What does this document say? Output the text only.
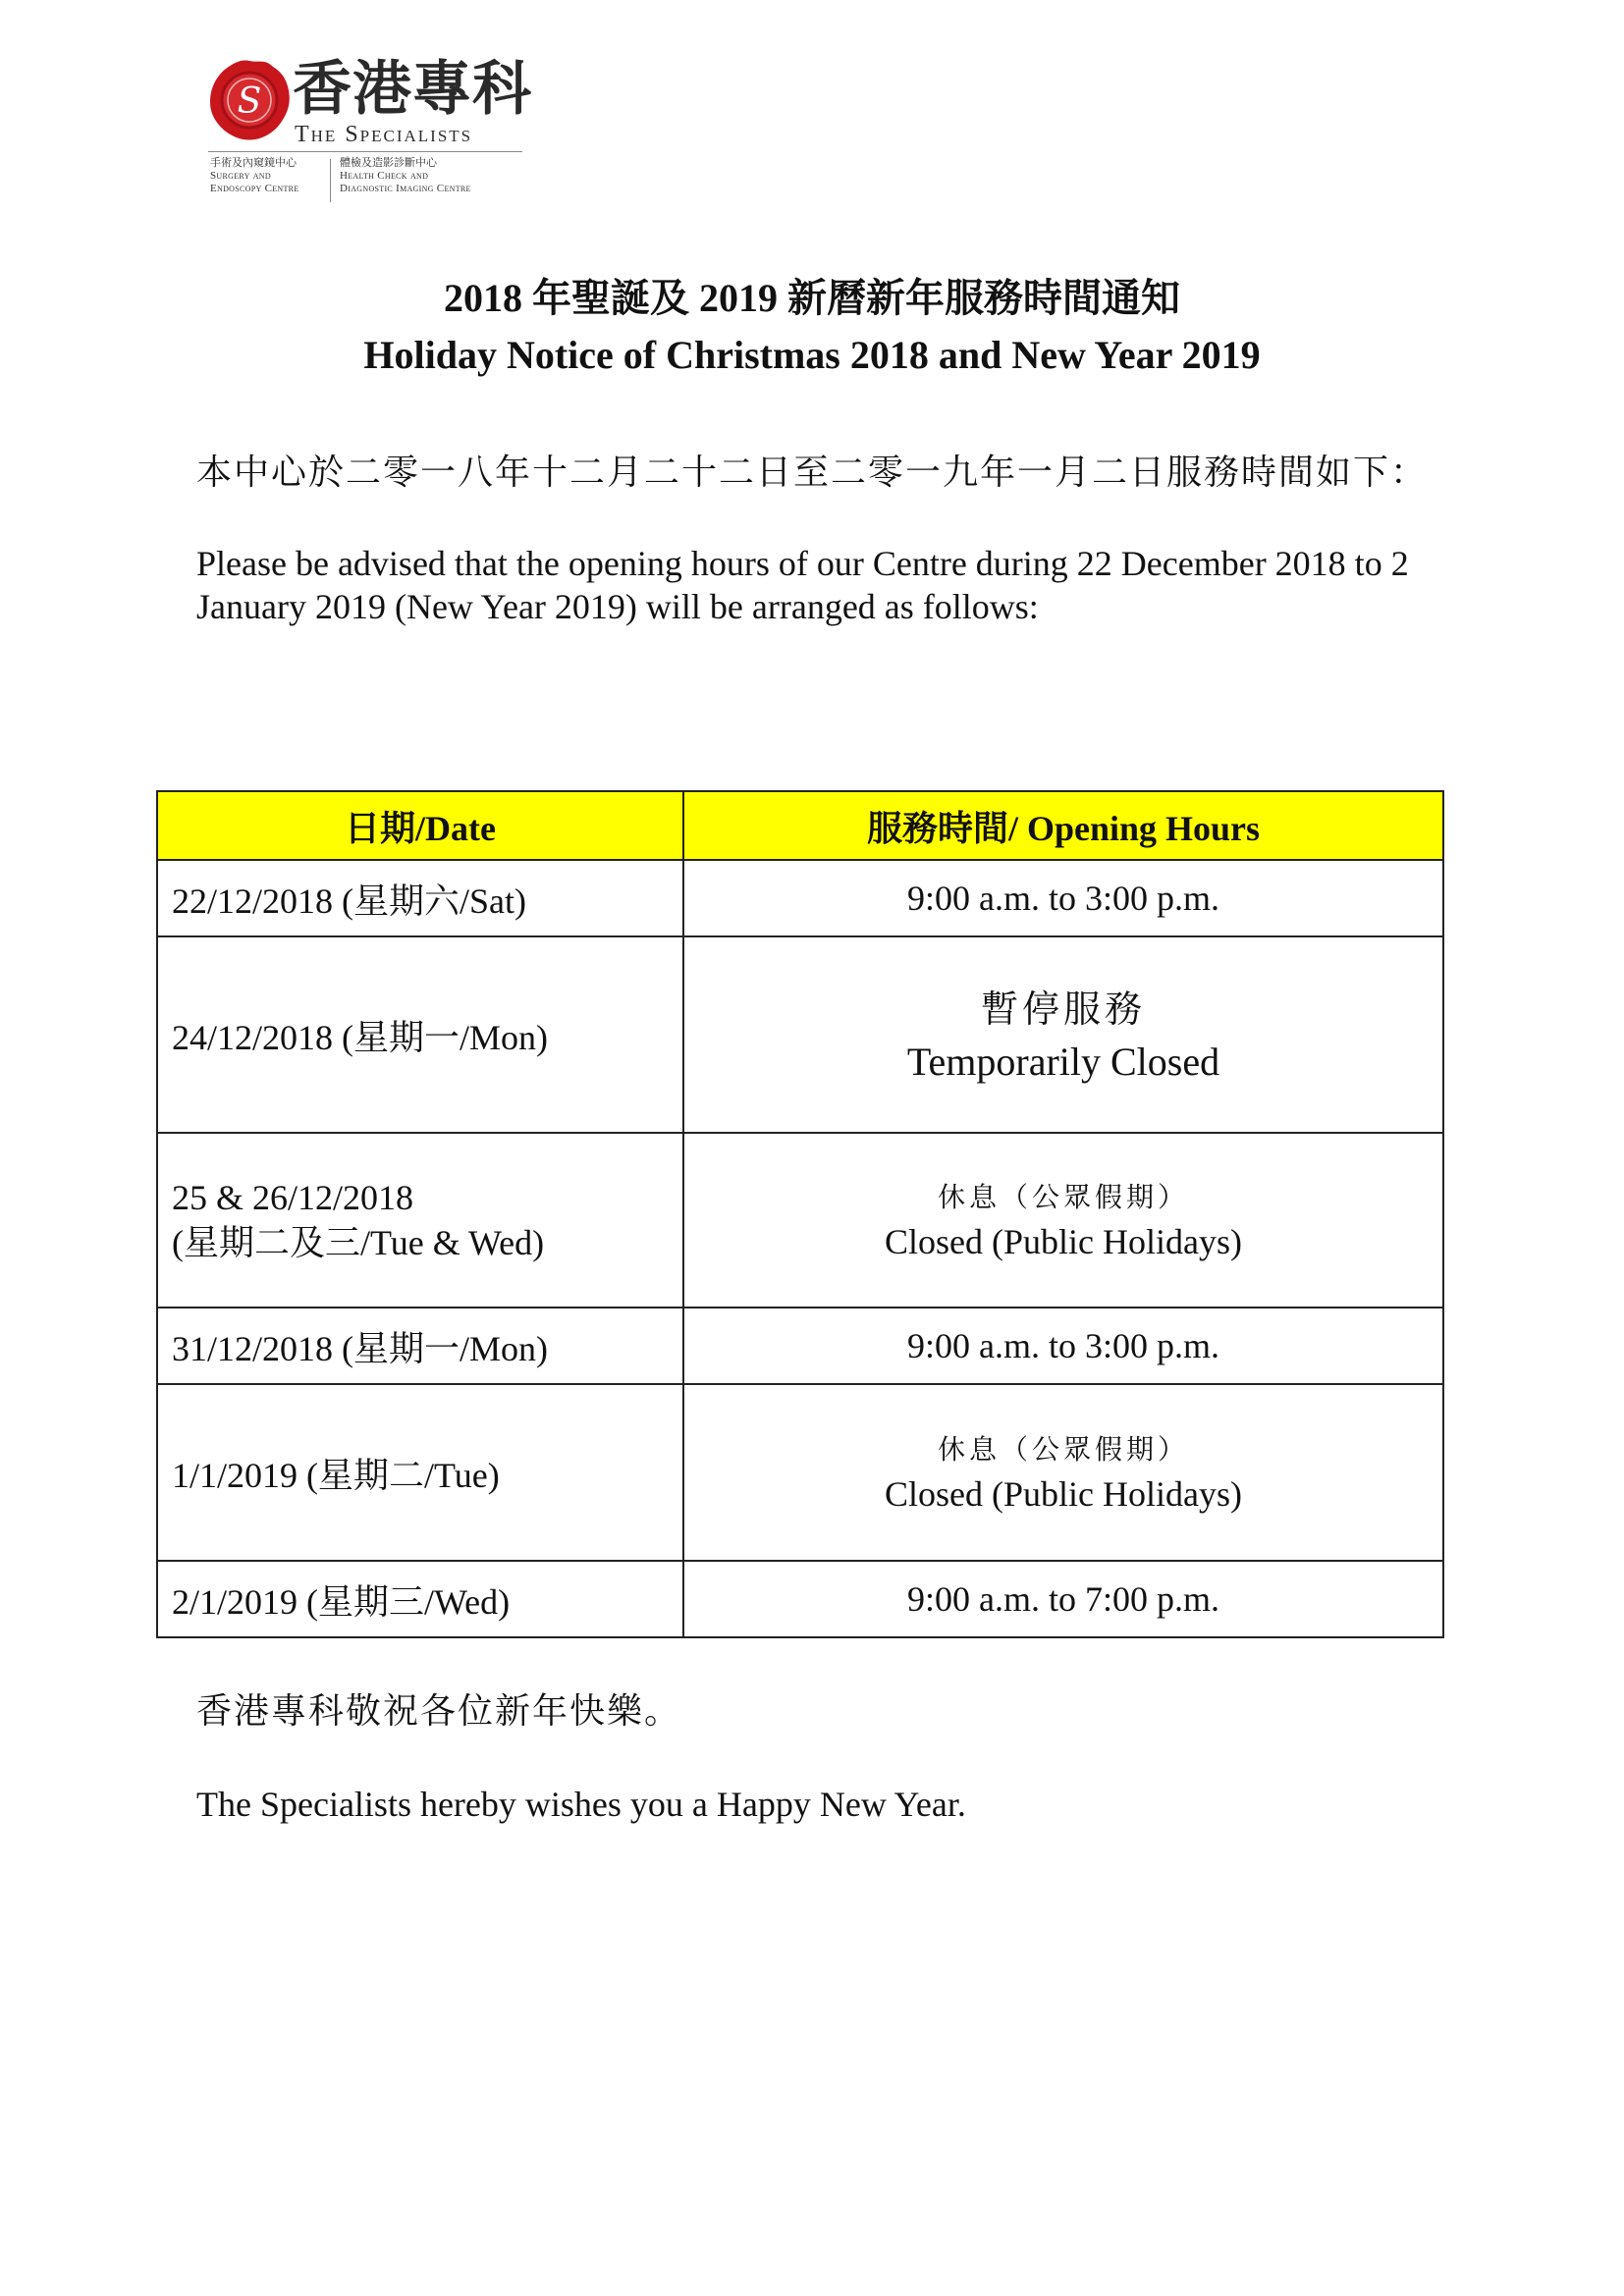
S 香港專科
The Specialists
手術及內窺鏡中心
Surgery and
Endoscopy Centre
體檢及造影診斷中心
Health Check and
Diagnostic Imaging Centre
2018 年聖誕及 2019 新曆新年服務時間通知
Holiday Notice of Christmas 2018 and New Year 2019
本中心於二零一八年十二月二十二日至二零一九年一月二日服務時間如下：
Please be advised that the opening hours of our Centre during 22 December 2018 to 2 January 2019 (New Year 2019) will be arranged as follows:
日期/Date	服務時間/ Opening Hours
22/12/2018 (星期六/Sat)	9:00 a.m. to 3:00 p.m.
24/12/2018 (星期一/Mon)	暫停服務
Temporarily Closed

25 & 26/12/2018
(星期二及三/Tue & Wed)	休息（公眾假期）
Closed (Public Holidays)

31/12/2018 (星期一/Mon)	9:00 a.m. to 3:00 p.m.
1/1/2019 (星期二/Tue)	休息（公眾假期）
Closed (Public Holidays)

2/1/2019 (星期三/Wed)	9:00 a.m. to 7:00 p.m.
香港專科敬祝各位新年快樂。
The Specialists hereby wishes you a Happy New Year.
